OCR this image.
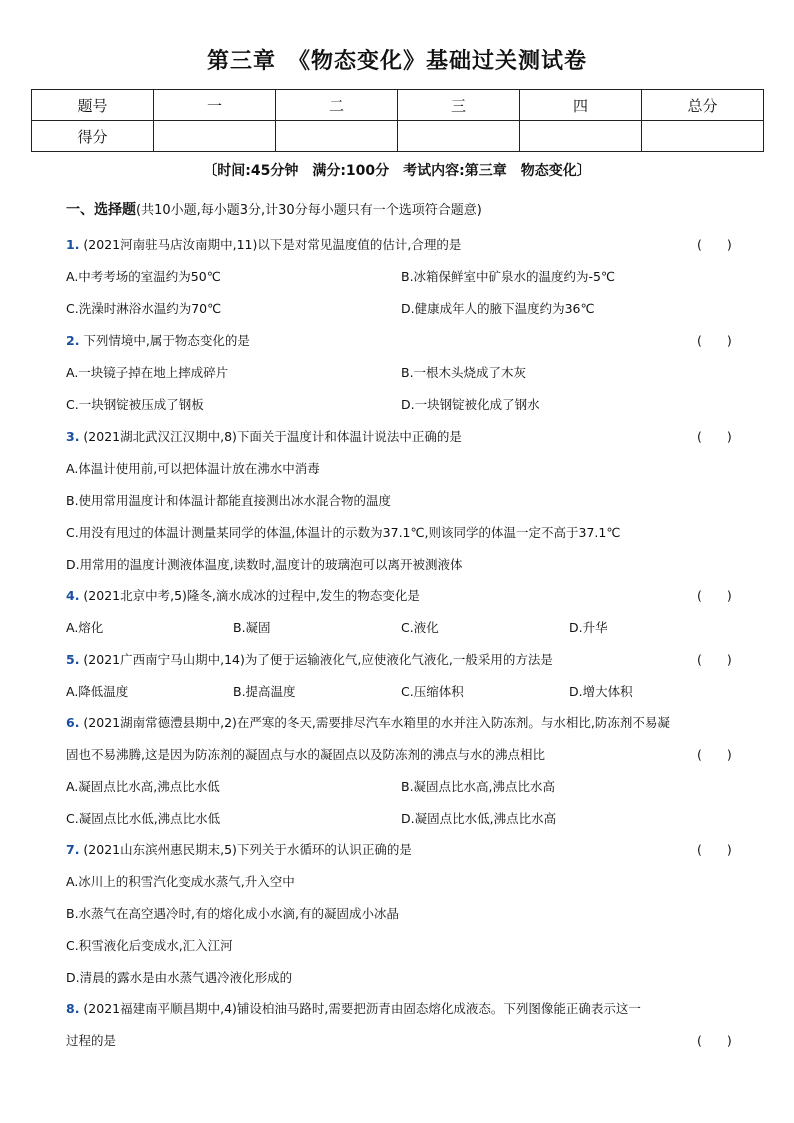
第三章　《物态变化》基础过关测试卷
题号	一	二	三	四	总分
得分					
〔时间:45分钟　满分:100分　考试内容:第三章　物态变化〕
一、选择题(共10小题,每小题3分,计30分每小题只有一个选项符合题意)
1. (2021河南驻马店汝南期中,11)以下是对常见温度值的估计,合理的是	(　　)
A.中考考场的室温约为50℃	B.冰箱保鲜室中矿泉水的温度约为-5℃
C.洗澡时淋浴水温约为70℃	D.健康成年人的腋下温度约为36℃
2. 下列情境中,属于物态变化的是	(　　)
A.一块镜子掉在地上摔成碎片	B.一根木头烧成了木灰
C.一块钢锭被压成了钢板	D.一块钢锭被化成了钢水
3. (2021湖北武汉江汉期中,8)下面关于温度计和体温计说法中正确的是	(　　)
A.体温计使用前,可以把体温计放在沸水中消毒
B.使用常用温度计和体温计都能直接测出冰水混合物的温度
C.用没有甩过的体温计测量某同学的体温,体温计的示数为37.1℃,则该同学的体温一定不高于37.1℃
D.用常用的温度计测液体温度,读数时,温度计的玻璃泡可以离开被测液体
4. (2021北京中考,5)隆冬,滴水成冰的过程中,发生的物态变化是	(　　)
A.熔化	B.凝固	C.液化	D.升华
5. (2021广西南宁马山期中,14)为了便于运输液化气,应使液化气液化,一般采用的方法是	(　　)
A.降低温度	B.提高温度	C.压缩体积	D.增大体积
6. (2021湖南常德澧县期中,2)在严寒的冬天,需要排尽汽车水箱里的水并注入防冻剂。与水相比,防冻剂不易凝
固也不易沸腾,这是因为防冻剂的凝固点与水的凝固点以及防冻剂的沸点与水的沸点相比	(　　)
A.凝固点比水高,沸点比水低	B.凝固点比水高,沸点比水高
C.凝固点比水低,沸点比水低	D.凝固点比水低,沸点比水高
7. (2021山东滨州惠民期末,5)下列关于水循环的认识正确的是	(　　)
A.冰川上的积雪汽化变成水蒸气,升入空中
B.水蒸气在高空遇冷时,有的熔化成小水滴,有的凝固成小冰晶
C.积雪液化后变成水,汇入江河
D.清晨的露水是由水蒸气遇冷液化形成的
8. (2021福建南平顺昌期中,4)铺设柏油马路时,需要把沥青由固态熔化成液态。下列图像能正确表示这一
过程的是	(　　)
